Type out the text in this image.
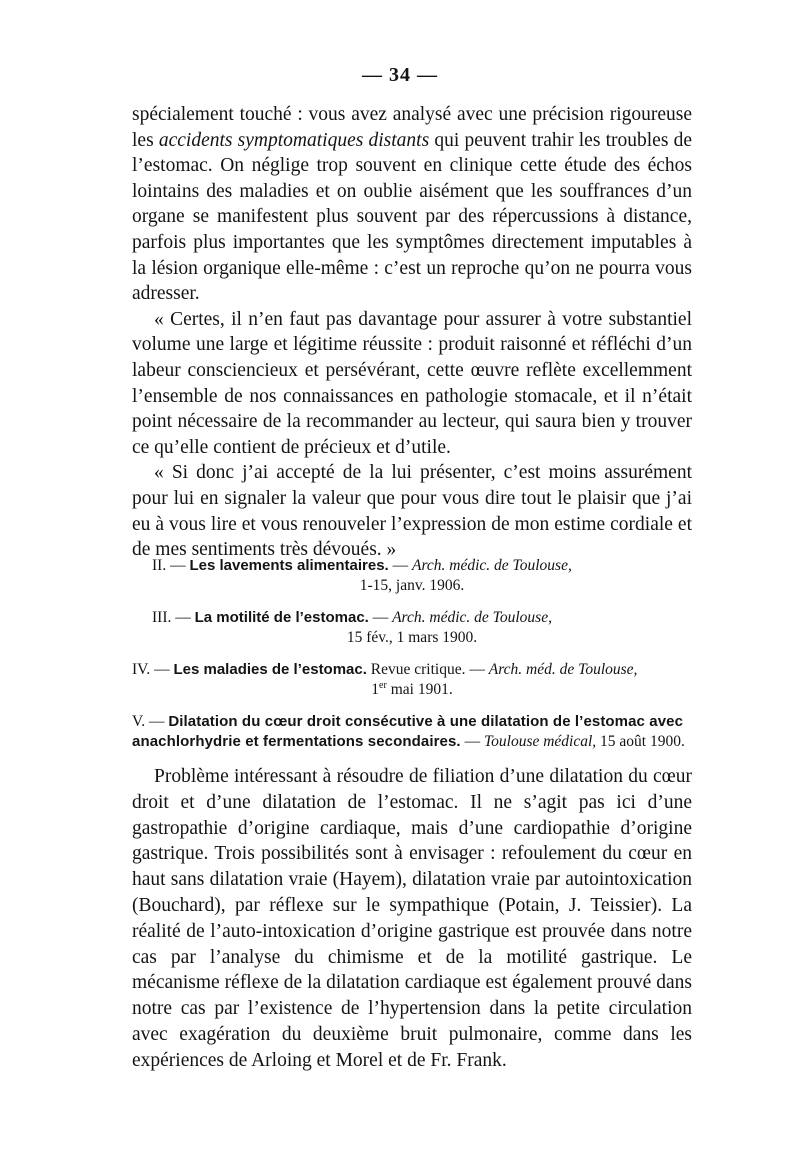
— 34 —

spécialement touché : vous avez analysé avec une précision rigoureuse les accidents symptomatiques distants qui peuvent trahir les troubles de l’estomac. On néglige trop souvent en clinique cette étude des échos lointains des maladies et on oublie aisément que les souffrances d’un organe se manifestent plus souvent par des répercussions à distance, parfois plus importantes que les symptômes directement imputables à la lésion organique elle-même : c’est un reproche qu’on ne pourra vous adresser.

« Certes, il n’en faut pas davantage pour assurer à votre substantiel volume une large et légitime réussite : produit raisonné et réfléchi d’un labeur consciencieux et persévérant, cette œuvre reflète excellemment l’ensemble de nos connaissances en pathologie stomacale, et il n’était point nécessaire de la recommander au lecteur, qui saura bien y trouver ce qu’elle contient de précieux et d’utile.

« Si donc j’ai accepté de la lui présenter, c’est moins assurément pour lui en signaler la valeur que pour vous dire tout le plaisir que j’ai eu à vous lire et vous renouveler l’expression de mon estime cordiale et de mes sentiments très dévoués. »

II. — Les lavements alimentaires. — Arch. médic. de Toulouse,
1-15, janv. 1906.
III. — La motilité de l’estomac. — Arch. médic. de Toulouse,
15 fév., 1 mars 1900.
IV. — Les maladies de l’estomac. Revue critique. — Arch. méd. de Toulouse,
1er mai 1901.
V. — Dilatation du cœur droit consécutive à une dilatation de l’estomac avec anachlorhydrie et fermentations secondaires. — Toulouse médical, 15 août 1900.

Problème intéressant à résoudre de filiation d’une dilatation du cœur droit et d’une dilatation de l’estomac. Il ne s’agit pas ici d’une gastropathie d’origine cardiaque, mais d’une cardiopathie d’origine gastrique. Trois possibilités sont à envisager : refoulement du cœur en haut sans dilatation vraie (Hayem), dilatation vraie par autointoxication (Bouchard), par réflexe sur le sympathique (Potain, J. Teissier). La réalité de l’auto-intoxication d’origine gastrique est prouvée dans notre cas par l’analyse du chimisme et de la motilité gastrique. Le mécanisme réflexe de la dilatation cardiaque est également prouvé dans notre cas par l’existence de l’hypertension dans la petite circulation avec exagération du deuxième bruit pulmonaire, comme dans les expériences de Arloing et Morel et de Fr. Frank.
